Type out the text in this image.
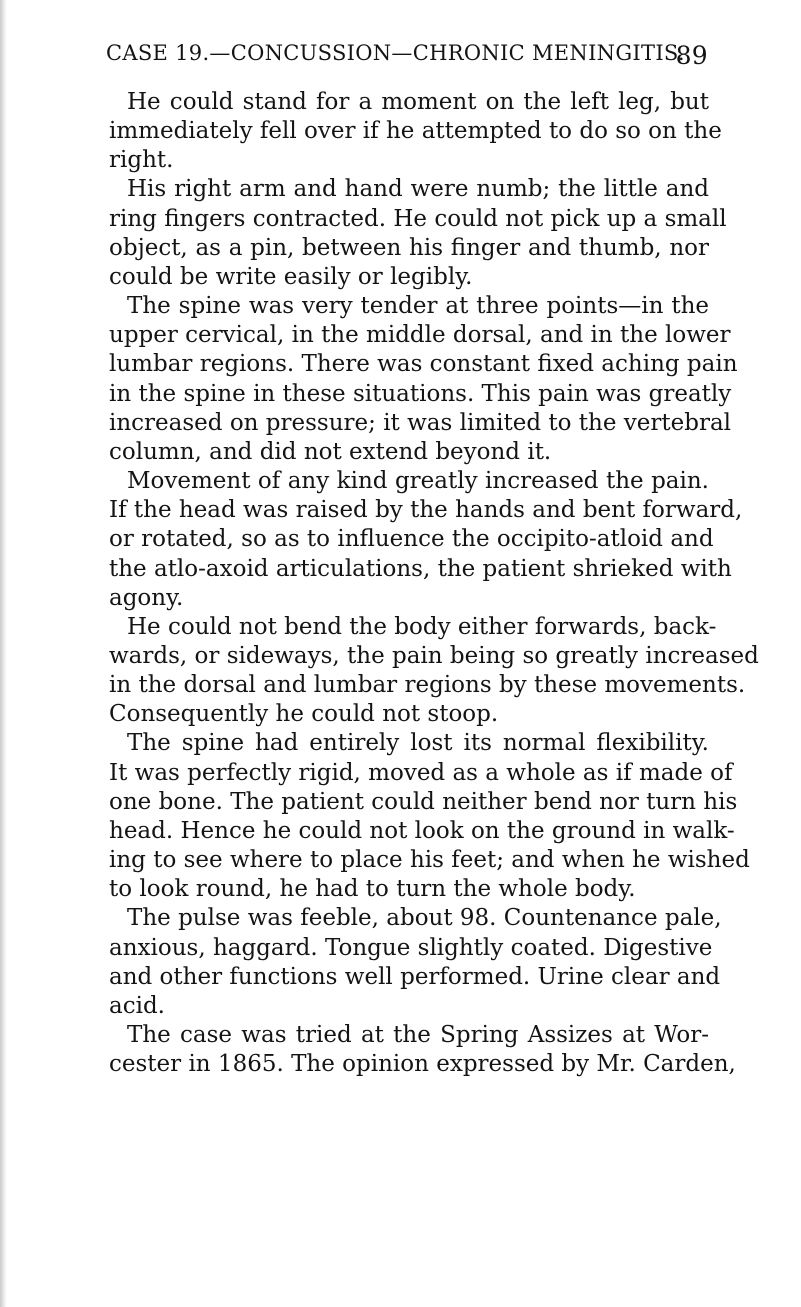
CASE 19.—CONCUSSION—CHRONIC MENINGITIS.
89
He could stand for a moment on the left leg, but
immediately fell over if he attempted to do so on the
right.
His right arm and hand were numb; the little and
ring fingers contracted. He could not pick up a small
object, as a pin, between his finger and thumb, nor
could be write easily or legibly.
The spine was very tender at three points—in the
upper cervical, in the middle dorsal, and in the lower
lumbar regions. There was constant fixed aching pain
in the spine in these situations. This pain was greatly
increased on pressure; it was limited to the vertebral
column, and did not extend beyond it.
Movement of any kind greatly increased the pain.
If the head was raised by the hands and bent forward,
or rotated, so as to influence the occipito-atloid and
the atlo-axoid articulations, the patient shrieked with
agony.
He could not bend the body either forwards, back-
wards, or sideways, the pain being so greatly increased
in the dorsal and lumbar regions by these movements.
Consequently he could not stoop.
The spine had entirely lost its normal flexibility.
It was perfectly rigid, moved as a whole as if made of
one bone. The patient could neither bend nor turn his
head. Hence he could not look on the ground in walk-
ing to see where to place his feet; and when he wished
to look round, he had to turn the whole body.
The pulse was feeble, about 98. Countenance pale,
anxious, haggard. Tongue slightly coated. Digestive
and other functions well performed. Urine clear and
acid.
The case was tried at the Spring Assizes at Wor-
cester in 1865. The opinion expressed by Mr. Carden,
